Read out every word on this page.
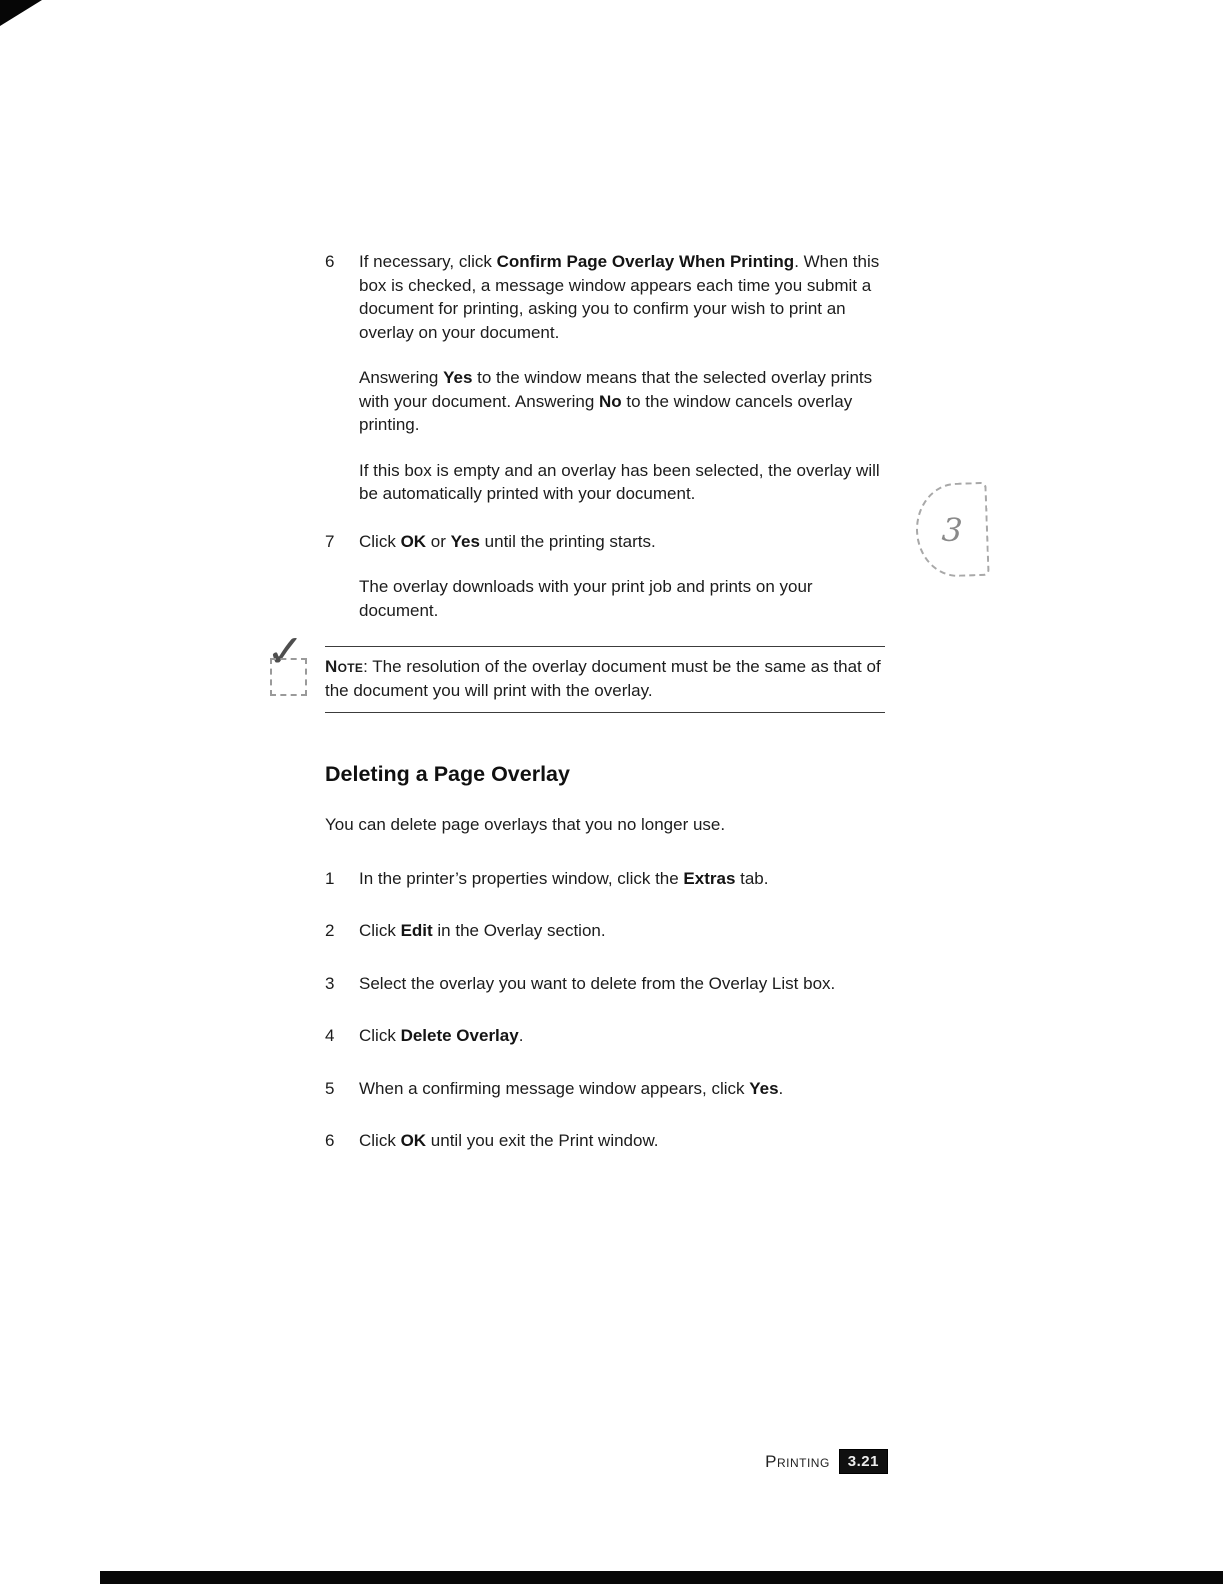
3
✓
6	If necessary, click Confirm Page Overlay When Printing. When this box is checked, a message window appears each time you submit a document for printing, asking you to confirm your wish to print an overlay on your document.

Answering Yes to the window means that the selected overlay prints with your document. Answering No to the window cancels overlay printing.

If this box is empty and an overlay has been selected, the overlay will be automatically printed with your document.

7	Click OK or Yes until the printing starts.

The overlay downloads with your print job and prints on your document.

Note: The resolution of the overlay document must be the same as that of the document you will print with the overlay.
Deleting a Page Overlay

You can delete page overlays that you no longer use.

1	In the printer’s properties window, click the Extras tab.

2	Click Edit in the Overlay section.

3	Select the overlay you want to delete from the Overlay List box.

4	Click Delete Overlay.

5	When a confirming message window appears, click Yes.

6	Click OK until you exit the Print window.

Printing	3.21
